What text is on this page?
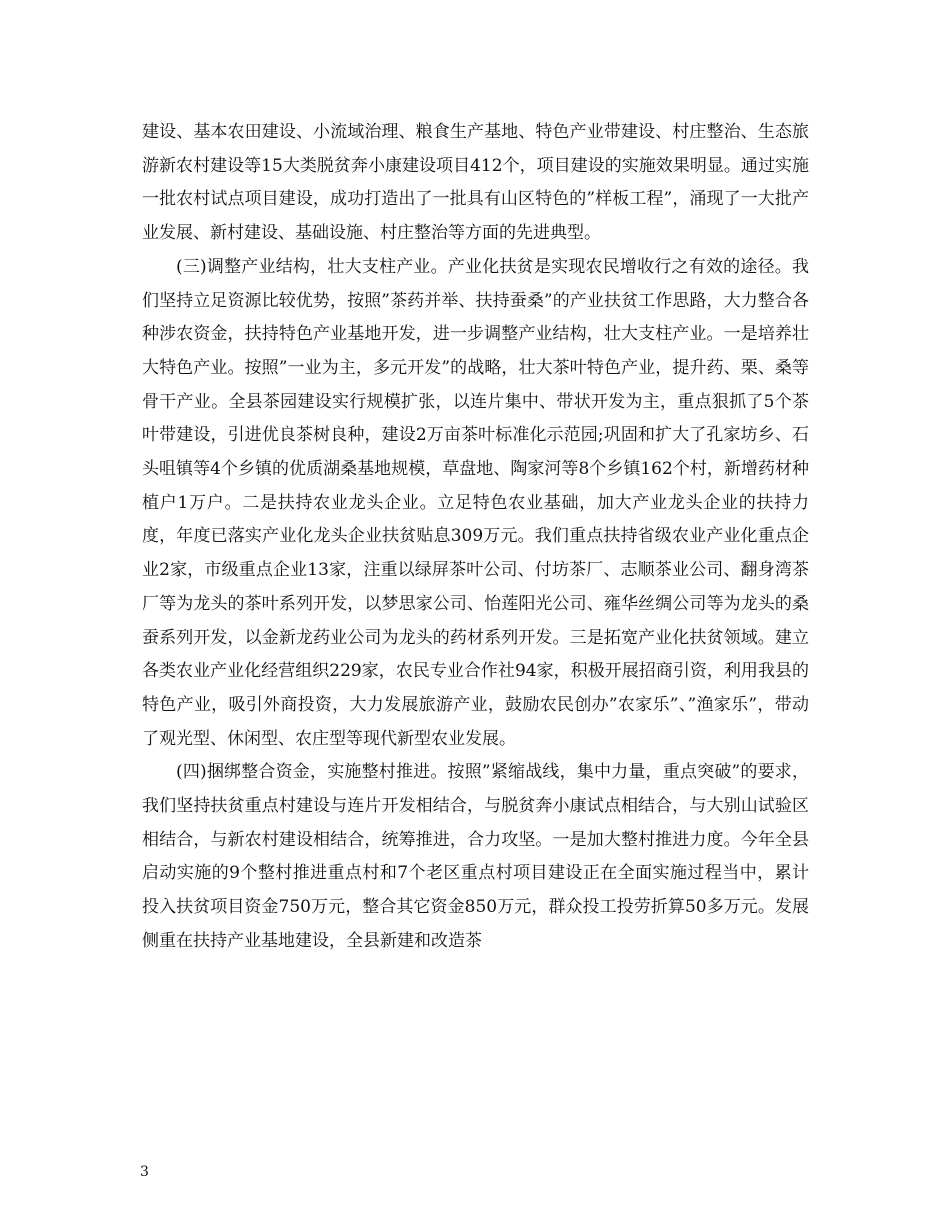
建设、基本农田建设、小流域治理、粮食生产基地、特色产业带建设、村庄整治、生态旅游新农村建设等15大类脱贫奔小康建设项目412个，项目建设的实施效果明显。通过实施一批农村试点项目建设，成功打造出了一批具有山区特色的”样板工程”，涌现了一大批产业发展、新村建设、基础设施、村庄整治等方面的先进典型。

(三)调整产业结构，壮大支柱产业。产业化扶贫是实现农民增收行之有效的途径。我们坚持立足资源比较优势，按照”茶药并举、扶持蚕桑”的产业扶贫工作思路，大力整合各种涉农资金，扶持特色产业基地开发，进一步调整产业结构，壮大支柱产业。一是培养壮大特色产业。按照”一业为主，多元开发”的战略，壮大茶叶特色产业，提升药、栗、桑等骨干产业。全县茶园建设实行规模扩张，以连片集中、带状开发为主，重点狠抓了5个茶叶带建设，引进优良茶树良种，建设2万亩茶叶标准化示范园;巩固和扩大了孔家坊乡、石头咀镇等4个乡镇的优质湖桑基地规模，草盘地、陶家河等8个乡镇162个村，新增药材种植户1万户。二是扶持农业龙头企业。立足特色农业基础，加大产业龙头企业的扶持力度，年度已落实产业化龙头企业扶贫贴息309万元。我们重点扶持省级农业产业化重点企业2家，市级重点企业13家，注重以绿屏茶叶公司、付坊茶厂、志顺茶业公司、翻身湾茶厂等为龙头的茶叶系列开发，以梦思家公司、怡莲阳光公司、雍华丝绸公司等为龙头的桑蚕系列开发，以金新龙药业公司为龙头的药材系列开发。三是拓宽产业化扶贫领域。建立各类农业产业化经营组织229家，农民专业合作社94家，积极开展招商引资，利用我县的特色产业，吸引外商投资，大力发展旅游产业，鼓励农民创办”农家乐”、”渔家乐”，带动了观光型、休闲型、农庄型等现代新型农业发展。

(四)捆绑整合资金，实施整村推进。按照”紧缩战线，集中力量，重点突破”的要求，我们坚持扶贫重点村建设与连片开发相结合，与脱贫奔小康试点相结合，与大别山试验区相结合，与新农村建设相结合，统筹推进，合力攻坚。一是加大整村推进力度。今年全县启动实施的9个整村推进重点村和7个老区重点村项目建设正在全面实施过程当中，累计投入扶贫项目资金750万元，整合其它资金850万元，群众投工投劳折算50多万元。发展侧重在扶持产业基地建设，全县新建和改造茶

3
